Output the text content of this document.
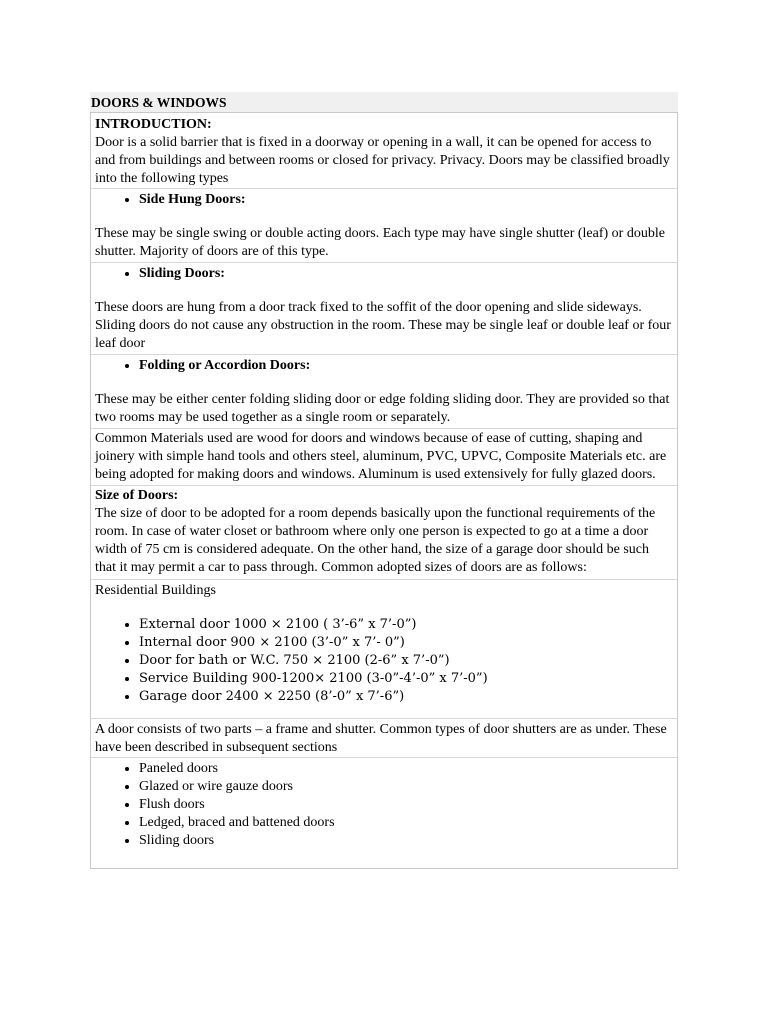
DOORS & WINDOWS
INTRODUCTION:
Door is a solid barrier that is fixed in a doorway or opening in a wall, it can be opened for access to and from buildings and between rooms or closed for privacy. Privacy. Doors may be classified broadly into the following types
• Side Hung Doors:
These may be single swing or double acting doors. Each type may have single shutter (leaf) or double shutter. Majority of doors are of this type.
• Sliding Doors:
These doors are hung from a door track fixed to the soffit of the door opening and slide sideways. Sliding doors do not cause any obstruction in the room. These may be single leaf or double leaf or four leaf door
• Folding or Accordion Doors:
These may be either center folding sliding door or edge folding sliding door. They are provided so that two rooms may be used together as a single room or separately.
Common Materials used are wood for doors and windows because of ease of cutting, shaping and joinery with simple hand tools and others steel, aluminum, PVC, UPVC, Composite Materials etc. are being adopted for making doors and windows. Aluminum is used extensively for fully glazed doors.
Size of Doors:
The size of door to be adopted for a room depends basically upon the functional requirements of the room. In case of water closet or bathroom where only one person is expected to go at a time a door width of 75 cm is considered adequate. On the other hand, the size of a garage door should be such that it may permit a car to pass through. Common adopted sizes of doors are as follows:
Residential Buildings
• External door 1000 × 2100 ( 3’-6” x 7’-0”)
• Internal door 900 × 2100 (3’-0” x 7’- 0”)
• Door for bath or W.C. 750 × 2100 (2-6” x 7’-0”)
• Service Building 900-1200× 2100 (3-0”-4’-0” x 7’-0”)
• Garage door 2400 × 2250 (8’-0” x 7’-6”)
A door consists of two parts – a frame and shutter. Common types of door shutters are as under. These have been described in subsequent sections
• Paneled doors
• Glazed or wire gauze doors
• Flush doors
• Ledged, braced and battened doors
• Sliding doors
